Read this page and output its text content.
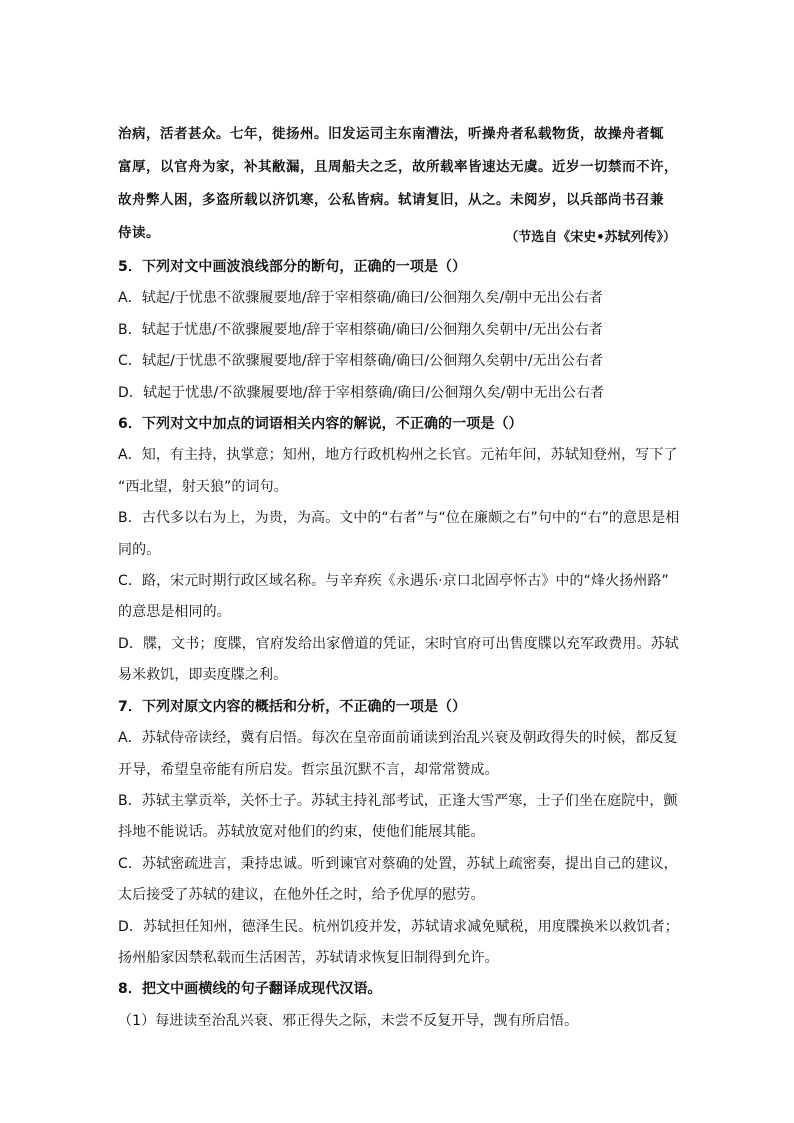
治病，活者甚众。七年，徙扬州。旧发运司主东南漕法，听操舟者私载物货，故操舟者辄
富厚，以官舟为家，补其敝漏，且周船夫之乏，故所载率皆速达无虞。近岁一切禁而不许，
故舟弊人困，多盗所载以济饥寒，公私皆病。轼请复旧，从之。未阅岁，以兵部尚书召兼
侍读。	（节选自《宋史•苏轼列传》）
5．下列对文中画波浪线部分的断句，正确的一项是（）
A．轼起/于忧患不欲骤履要地/辞于宰相蔡确/确曰/公徊翔久矣/朝中无出公右者
B．轼起于忧患/不欲骤履要地/辞于宰相蔡确/确曰/公徊翔久矣朝中/无出公右者
C．轼起/于忧患不欲骤履要地/辞于宰相蔡确/确曰/公徊翔久矣朝中/无出公右者
D．轼起于忧患/不欲骤履要地/辞于宰相蔡确/确曰/公徊翔久矣/朝中无出公右者
6．下列对文中加点的词语相关内容的解说，不正确的一项是（）
A．知，有主持，执掌意；知州，地方行政机构州之长官。元祐年间，苏轼知登州，写下了
“西北望，射天狼”的词句。
B．古代多以右为上，为贵，为高。文中的“右者”与“位在廉颇之右”句中的“右”的意思是相
同的。
C．路，宋元时期行政区域名称。与辛弃疾《永遇乐·京口北固亭怀古》中的“烽火扬州路”
的意思是相同的。
D．牒，文书；度牒，官府发给出家僧道的凭证，宋时官府可出售度牒以充军政费用。苏轼
易米救饥，即卖度牒之利。
7．下列对原文内容的概括和分析，不正确的一项是（）
A．苏轼侍帝读经，冀有启悟。每次在皇帝面前诵读到治乱兴衰及朝政得失的时候，都反复
开导，希望皇帝能有所启发。哲宗虽沉默不言，却常常赞成。
B．苏轼主掌贡举，关怀士子。苏轼主持礼部考试，正逢大雪严寒，士子们坐在庭院中，颤
抖地不能说话。苏轼放宽对他们的约束，使他们能展其能。
C．苏轼密疏进言，秉持忠诚。听到谏官对蔡确的处置，苏轼上疏密奏，提出自己的建议，
太后接受了苏轼的建议，在他外任之时，给予优厚的慰劳。
D．苏轼担任知州，德泽生民。杭州饥疫并发，苏轼请求减免赋税，用度牒换米以救饥者；
扬州船家因禁私载而生活困苦，苏轼请求恢复旧制得到允许。
8．把文中画横线的句子翻译成现代汉语。
（1）每进读至治乱兴衰、邪正得失之际，未尝不反复开导，觊有所启悟。
